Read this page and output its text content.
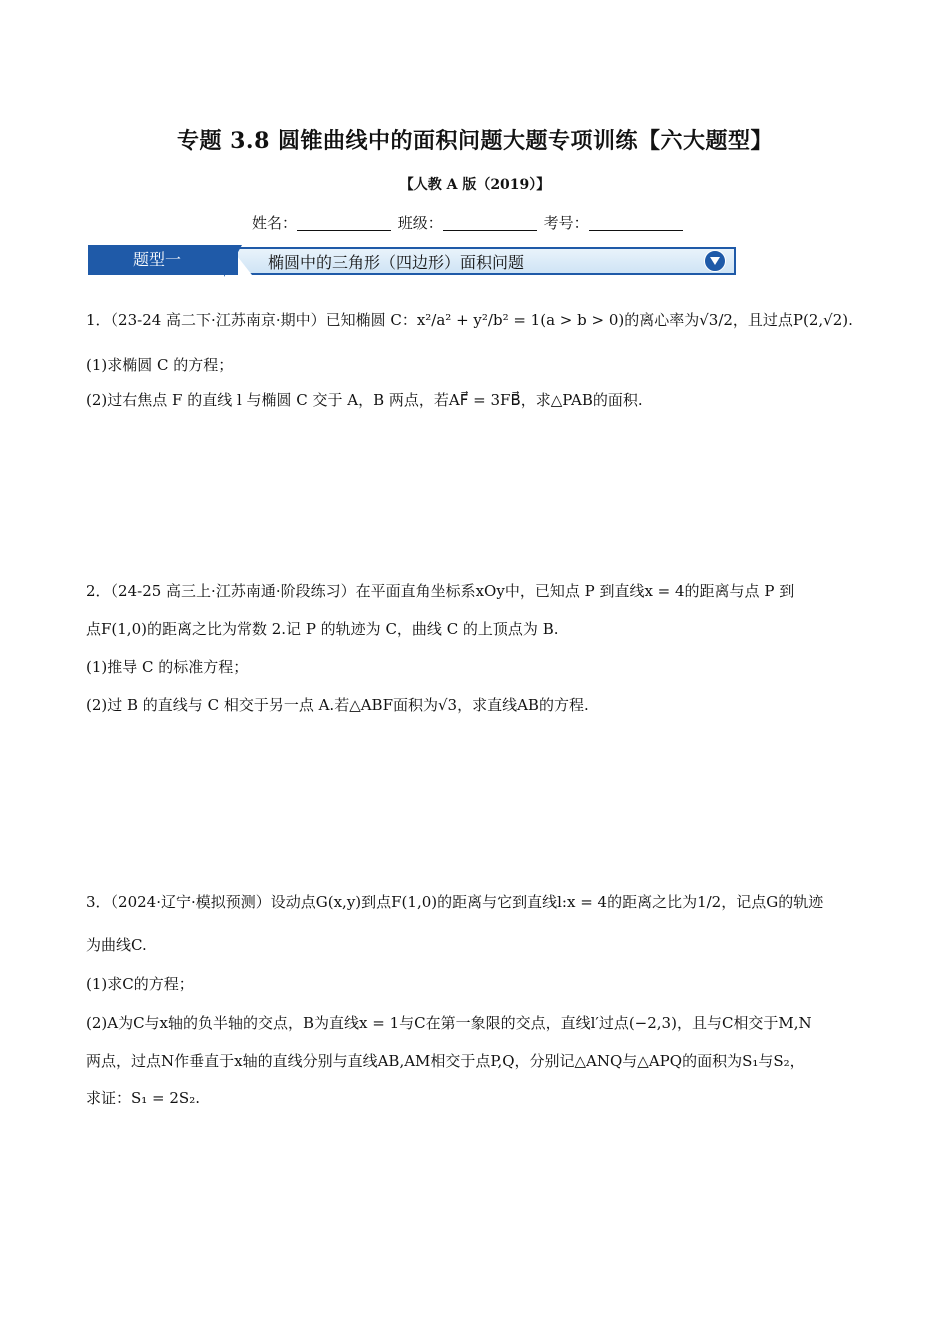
专题 3.8 圆锥曲线中的面积问题大题专项训练【六大题型】
【人教 A 版（2019）】
姓名：	班级：	考号：
题型一	椭圆中的三角形（四边形）面积问题
1．（23-24 高二下·江苏南京·期中）已知椭圆 C：x²/a² + y²/b² = 1(a > b > 0)的离心率为√3/2，且过点P(2,√2).
(1)求椭圆 C 的方程；
(2)过右焦点 F 的直线 l 与椭圆 C 交于 A，B 两点，若AF⃗ = 3FB⃗，求△PAB的面积.
2．（24-25 高三上·江苏南通·阶段练习）在平面直角坐标系xOy中，已知点 P 到直线x = 4的距离与点 P 到
点F(1,0)的距离之比为常数 2.记 P 的轨迹为 C，曲线 C 的上顶点为 B.
(1)推导 C 的标准方程；
(2)过 B 的直线与 C 相交于另一点 A.若△ABF面积为√3，求直线AB的方程.
3．（2024·辽宁·模拟预测）设动点G(x,y)到点F(1,0)的距离与它到直线l:x = 4的距离之比为1/2，记点G的轨迹
为曲线C.
(1)求C的方程；
(2)A为C与x轴的负半轴的交点，B为直线x = 1与C在第一象限的交点，直线l′过点(−2,3)，且与C相交于M,N
两点，过点N作垂直于x轴的直线分别与直线AB,AM相交于点P,Q，分别记△ANQ与△APQ的面积为S₁与S₂，
求证：S₁ = 2S₂.
